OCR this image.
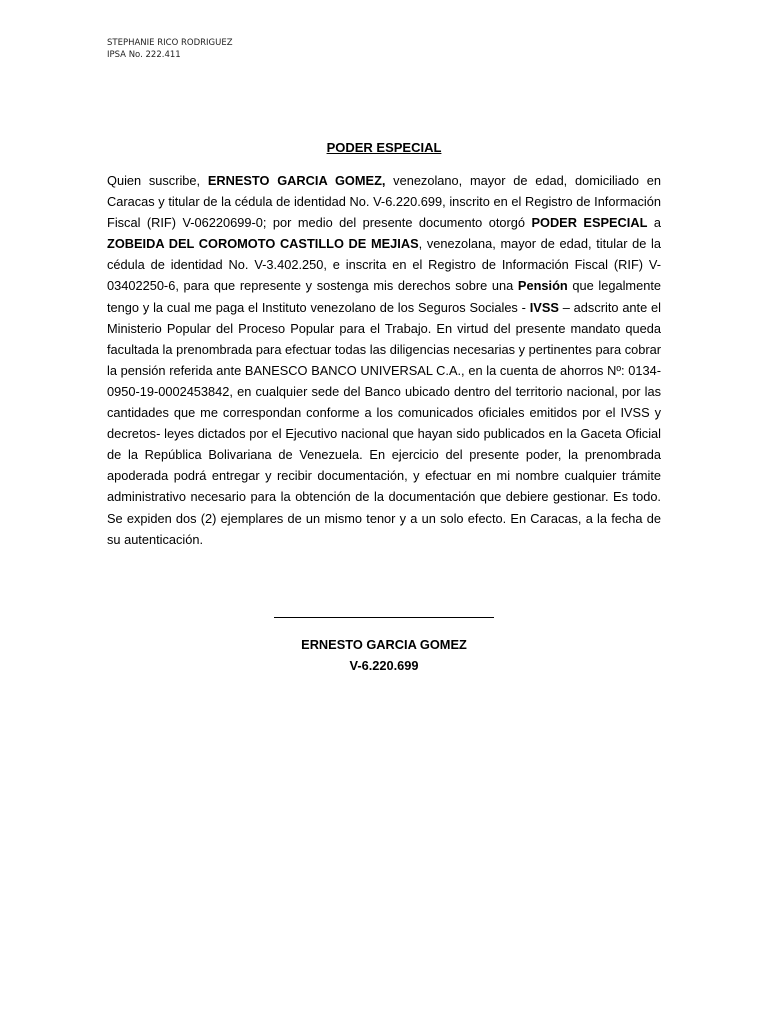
STEPHANIE RICO RODRIGUEZ
IPSA No. 222.411
PODER ESPECIAL
Quien suscribe, ERNESTO GARCIA GOMEZ, venezolano, mayor de edad, domiciliado en Caracas y titular de la cédula de identidad No. V-6.220.699, inscrito en el Registro de Información Fiscal (RIF) V-06220699-0; por medio del presente documento otorgó PODER ESPECIAL a ZOBEIDA DEL COROMOTO CASTILLO DE MEJIAS, venezolana, mayor de edad, titular de la cédula de identidad No. V-3.402.250, e inscrita en el Registro de Información Fiscal (RIF) V-03402250-6, para que represente y sostenga mis derechos sobre una Pensión que legalmente tengo y la cual me paga el Instituto venezolano de los Seguros Sociales - IVSS – adscrito ante el Ministerio Popular del Proceso Popular para el Trabajo. En virtud del presente mandato queda facultada la prenombrada para efectuar todas las diligencias necesarias y pertinentes para cobrar la pensión referida ante BANESCO BANCO UNIVERSAL C.A., en la cuenta de ahorros Nº: 0134-0950-19-0002453842, en cualquier sede del Banco ubicado dentro del territorio nacional, por las cantidades que me correspondan conforme a los comunicados oficiales emitidos por el IVSS y decretos- leyes dictados por el Ejecutivo nacional que hayan sido publicados en la Gaceta Oficial de la República Bolivariana de Venezuela. En ejercicio del presente poder, la prenombrada apoderada podrá entregar y recibir documentación, y efectuar en mi nombre cualquier trámite administrativo necesario para la obtención de la documentación que debiere gestionar. Es todo. Se expiden dos (2) ejemplares de un mismo tenor y a un solo efecto. En Caracas, a la fecha de su autenticación.
ERNESTO GARCIA GOMEZ
V-6.220.699
